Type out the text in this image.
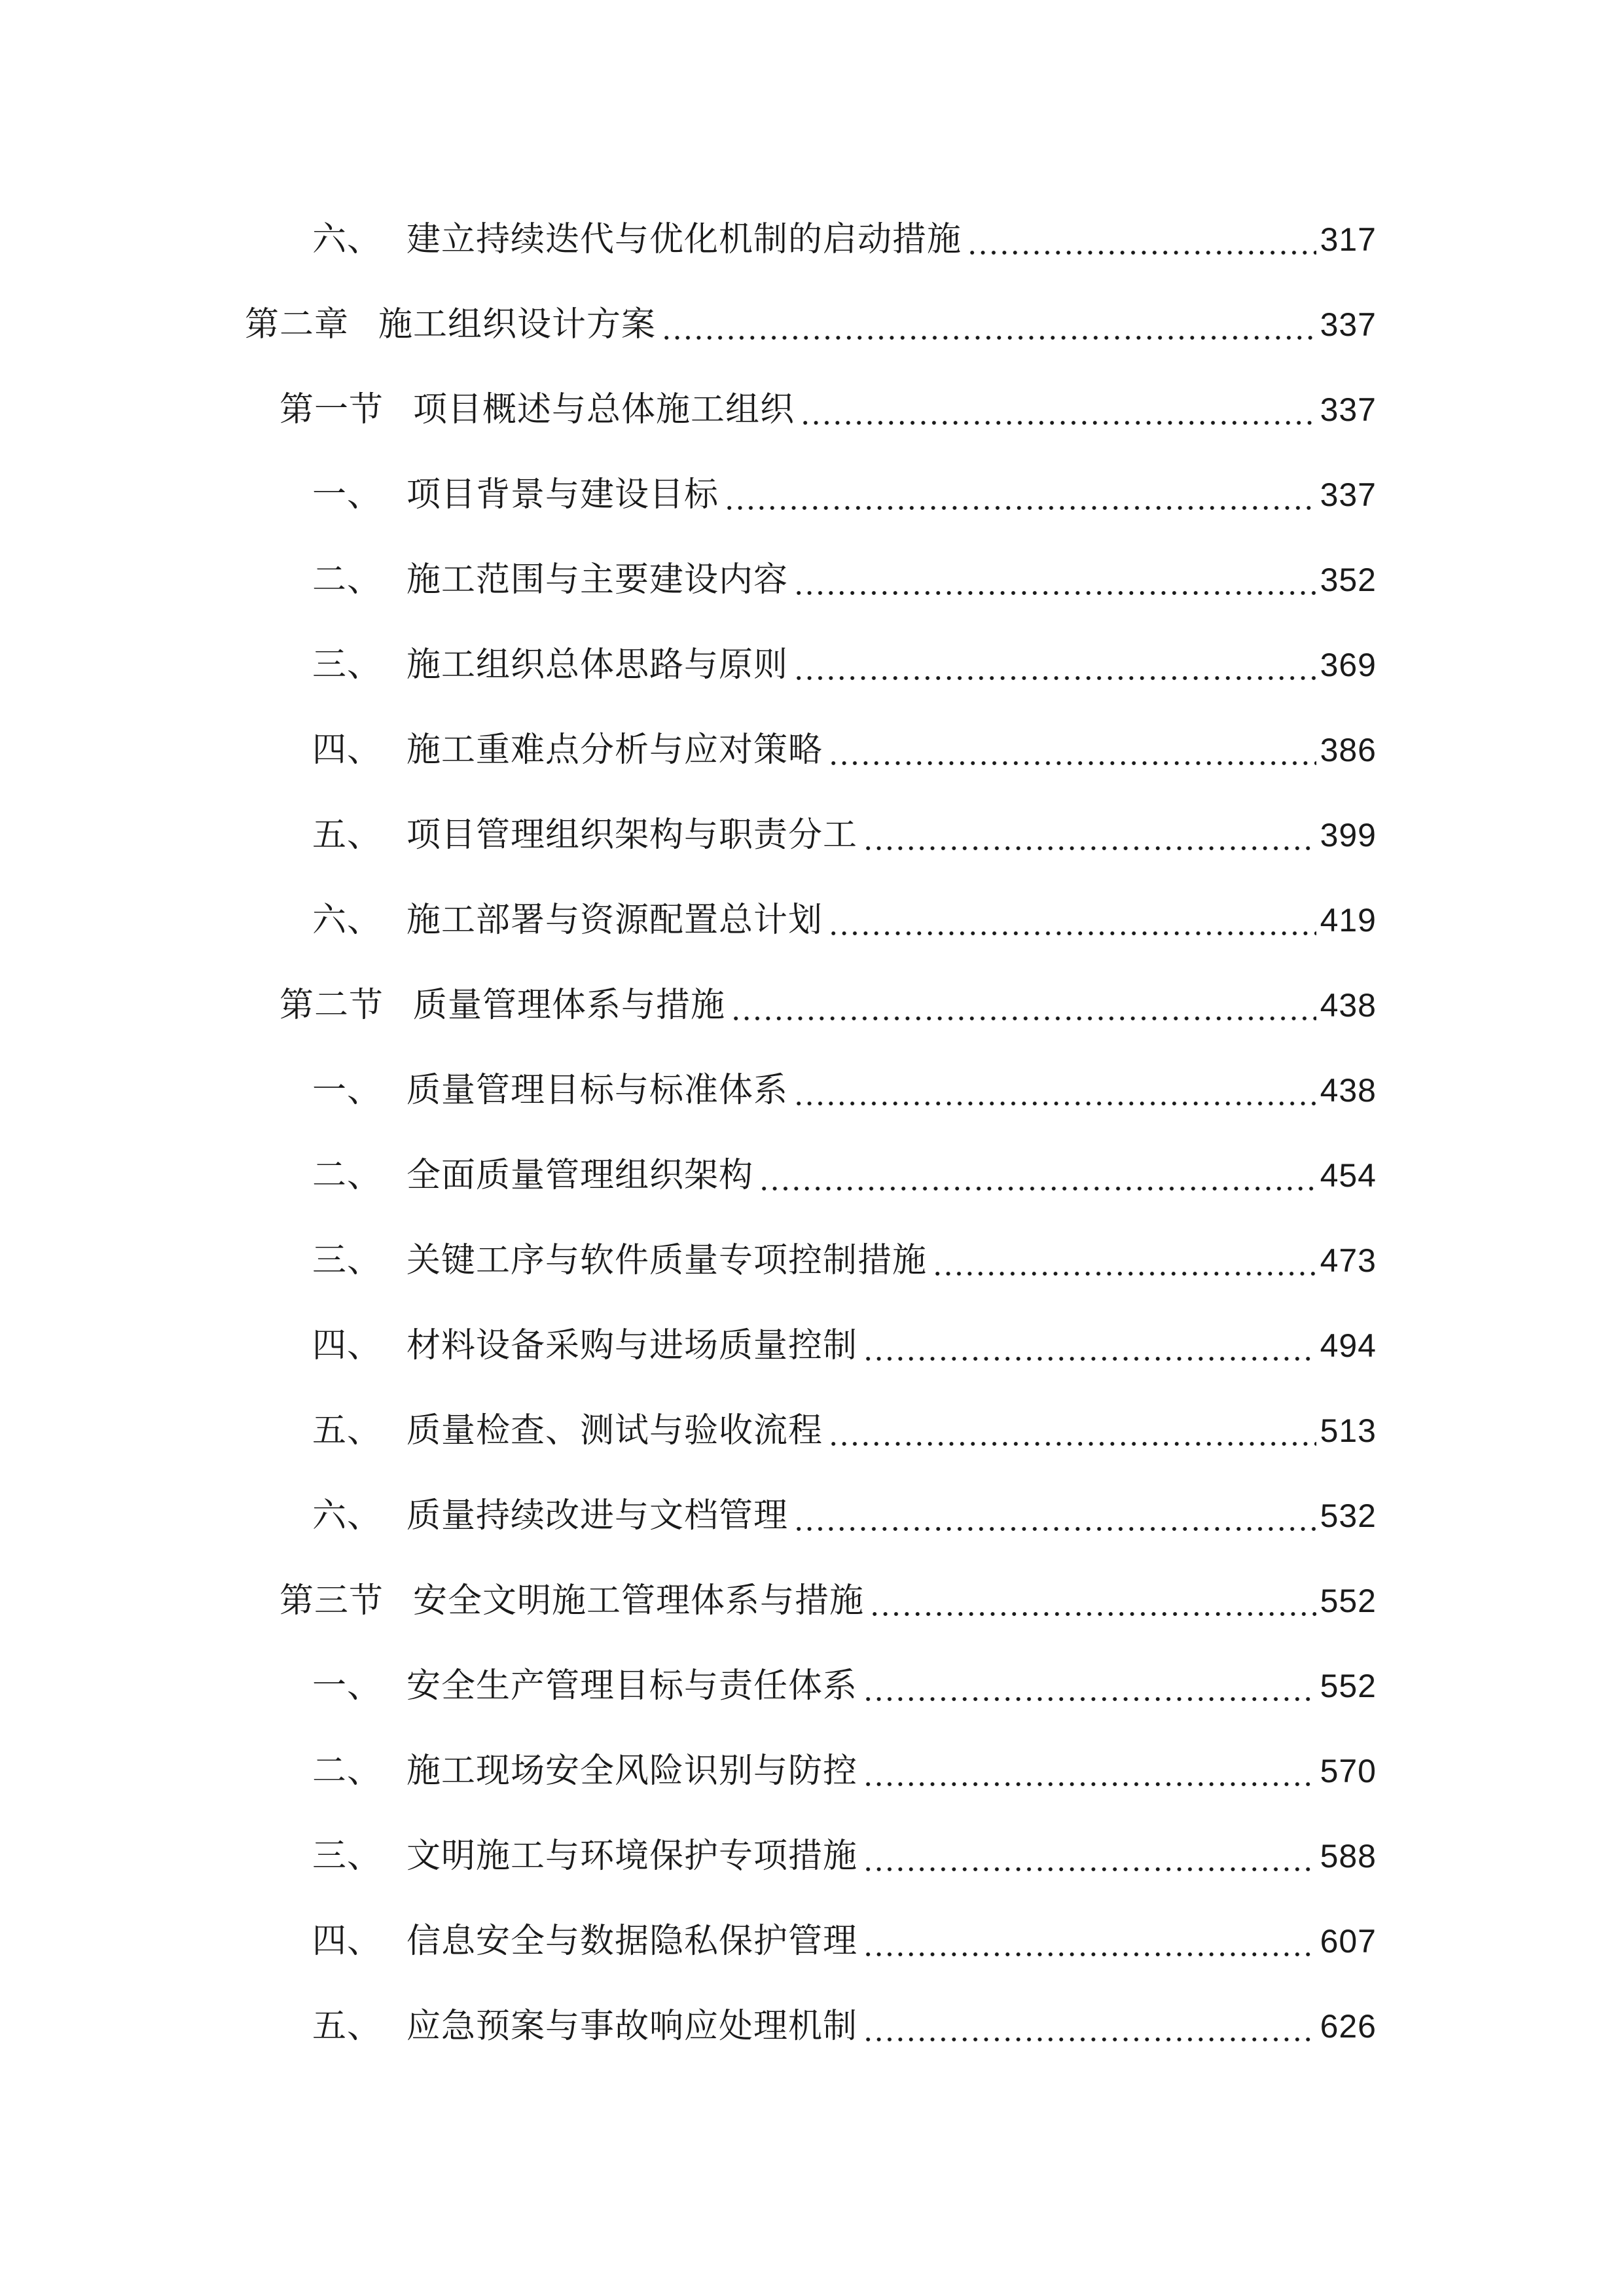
六、 建立持续迭代与优化机制的启动措施	317
第二章 施工组织设计方案	337
第一节 项目概述与总体施工组织	337
一、 项目背景与建设目标	337
二、 施工范围与主要建设内容	352
三、 施工组织总体思路与原则	369
四、 施工重难点分析与应对策略	386
五、 项目管理组织架构与职责分工	399
六、 施工部署与资源配置总计划	419
第二节 质量管理体系与措施	438
一、 质量管理目标与标准体系	438
二、 全面质量管理组织架构	454
三、 关键工序与软件质量专项控制措施	473
四、 材料设备采购与进场质量控制	494
五、 质量检查、测试与验收流程	513
六、 质量持续改进与文档管理	532
第三节 安全文明施工管理体系与措施	552
一、 安全生产管理目标与责任体系	552
二、 施工现场安全风险识别与防控	570
三、 文明施工与环境保护专项措施	588
四、 信息安全与数据隐私保护管理	607
五、 应急预案与事故响应处理机制	626
